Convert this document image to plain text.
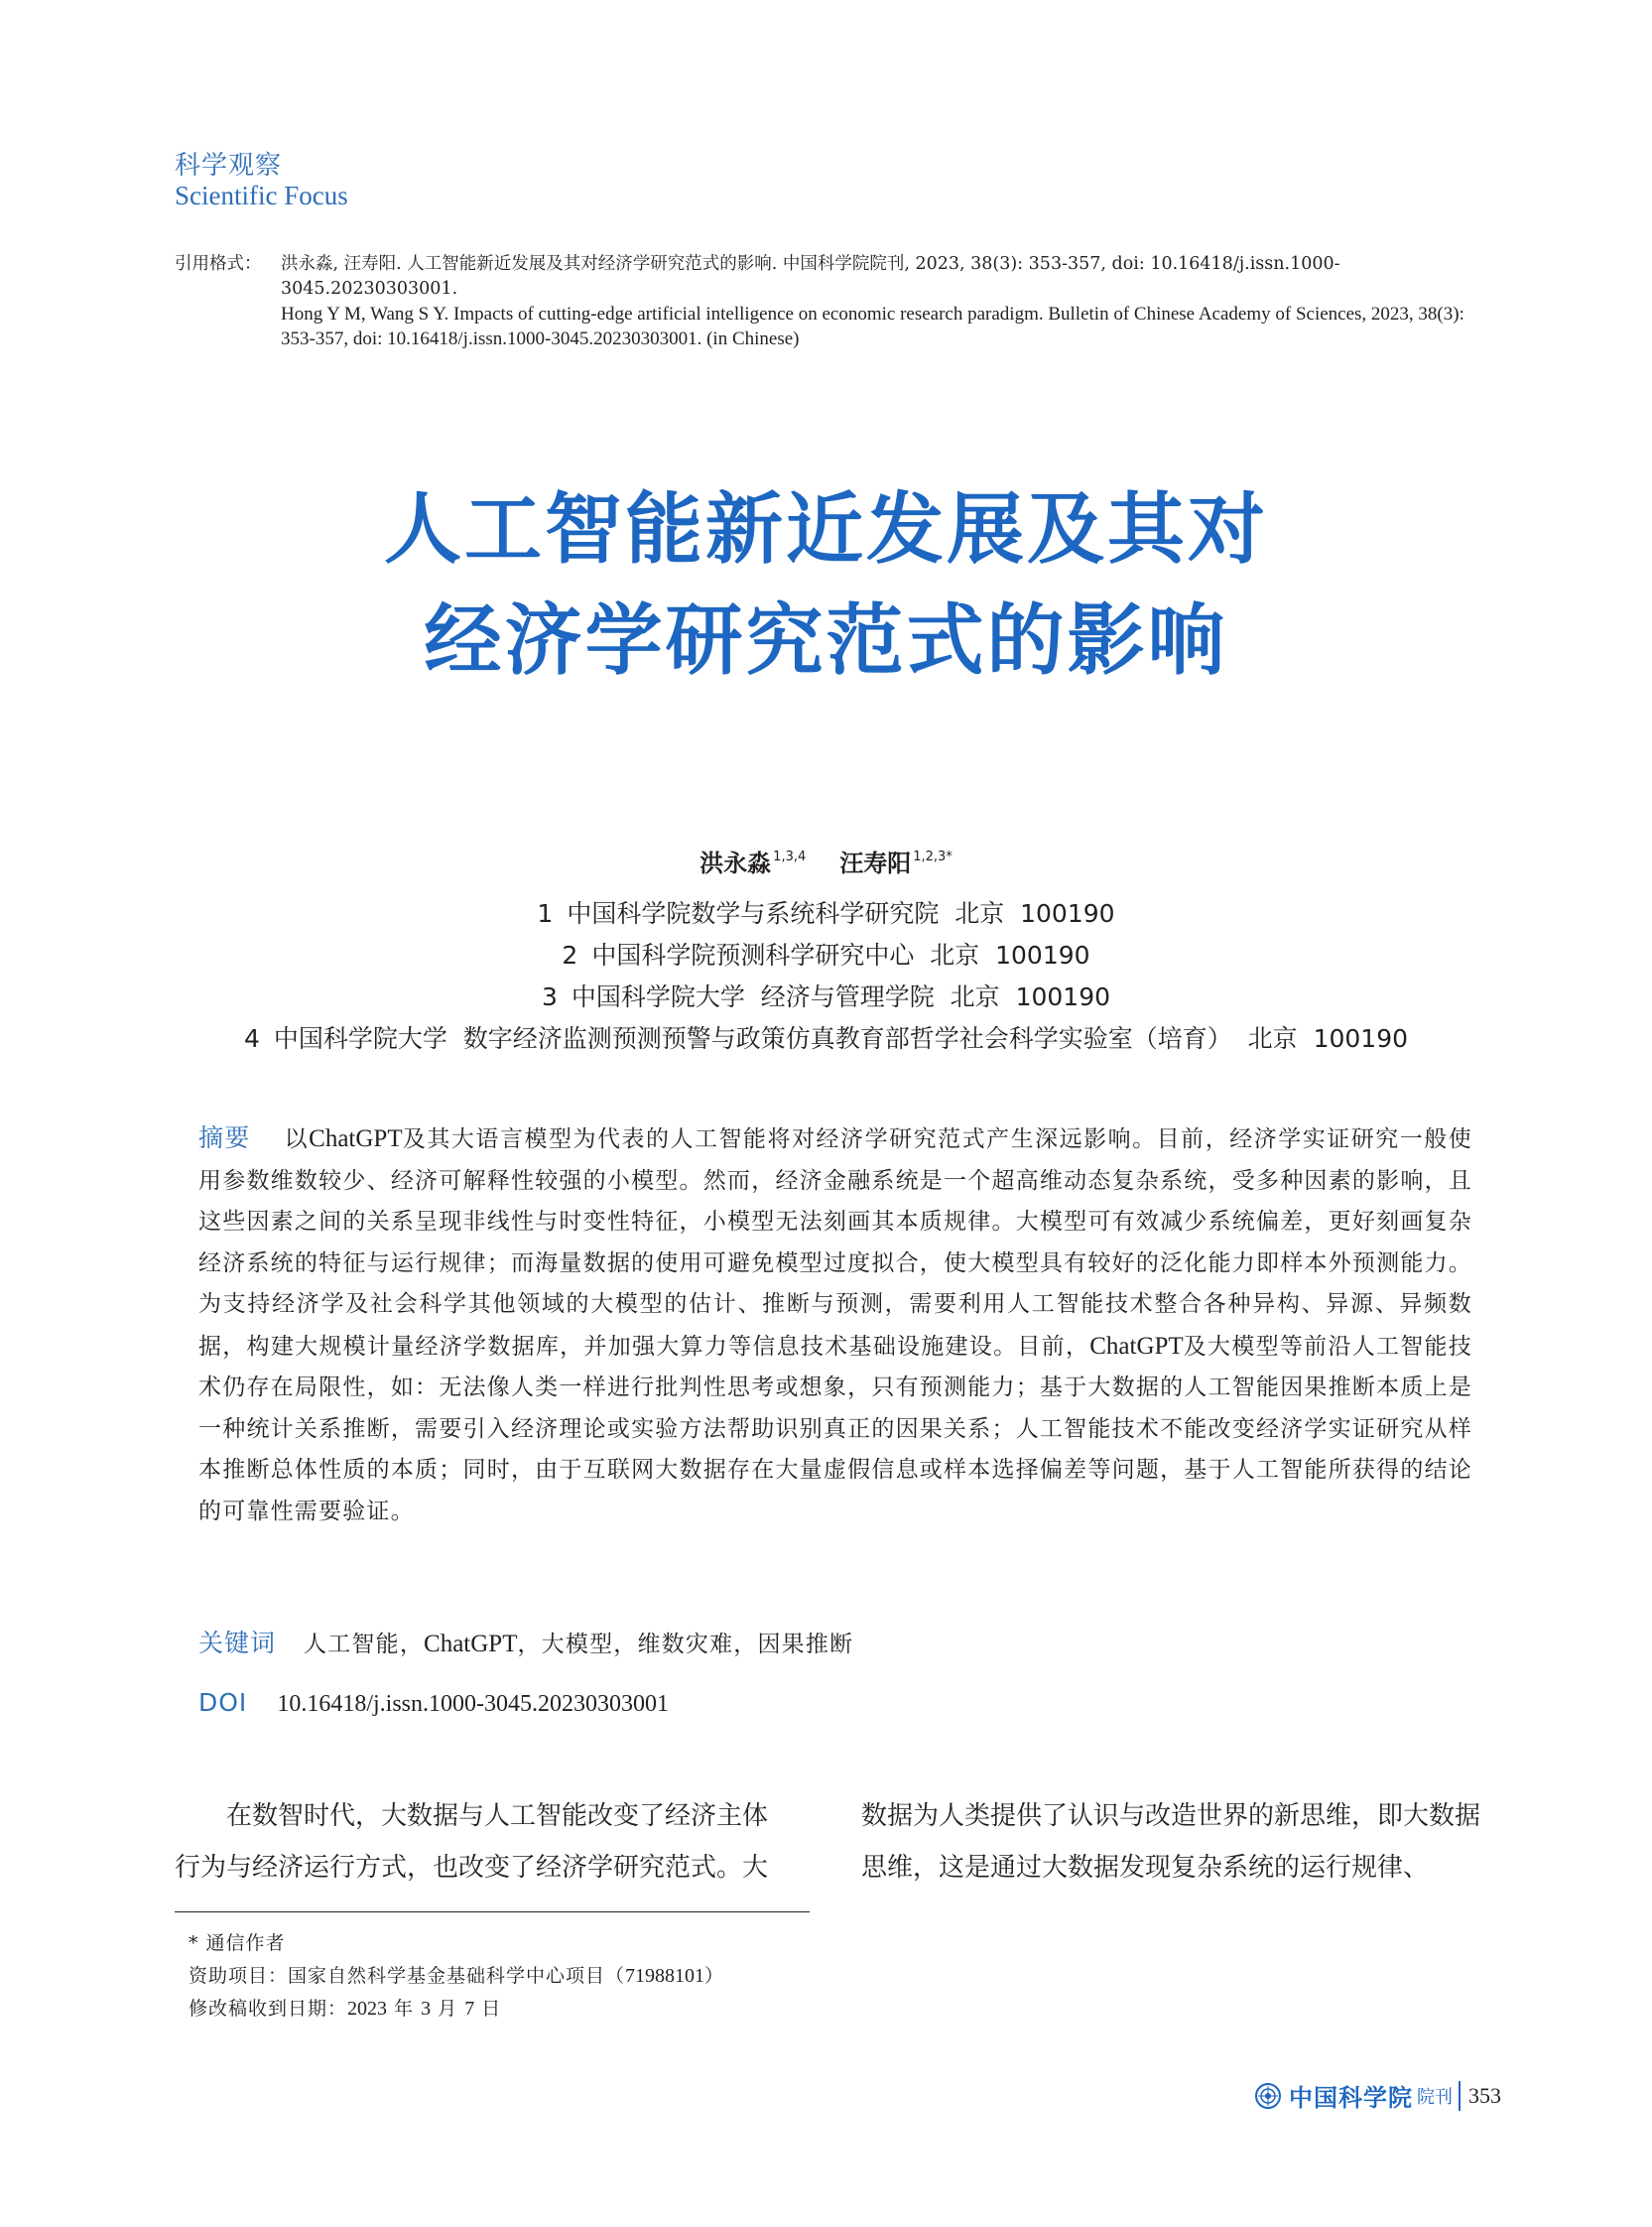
科学观察
Scientific Focus
引用格式：	洪永淼, 汪寿阳. 人工智能新近发展及其对经济学研究范式的影响. 中国科学院院刊, 2023, 38(3): 353-357, doi: 10.16418/j.issn.1000-3045.20230303001.
Hong Y M, Wang S Y. Impacts of cutting-edge artificial intelligence on economic research paradigm. Bulletin of Chinese Academy of Sciences, 2023, 38(3): 353-357, doi: 10.16418/j.issn.1000-3045.20230303001. (in Chinese)
人工智能新近发展及其对
经济学研究范式的影响
洪永淼 $^{1,3,4}$ 汪寿阳 $^{1,2,3*}$
1 中国科学院数学与系统科学研究院  北京  100190
2 中国科学院预测科学研究中心  北京  100190
3 中国科学院大学  经济与管理学院  北京  100190
4 中国科学院大学  数字经济监测预测预警与政策仿真教育部哲学社会科学实验室（培育）  北京  100190
摘要 以ChatGPT及其大语言模型为代表的人工智能将对经济学研究范式产生深远影响。目前，经济学实证研究一般使用参数维数较少、经济可解释性较强的小模型。然而，经济金融系统是一个超高维动态复杂系统，受多种因素的影响，且这些因素之间的关系呈现非线性与时变性特征，小模型无法刻画其本质规律。大模型可有效减少系统偏差，更好刻画复杂经济系统的特征与运行规律；而海量数据的使用可避免模型过度拟合，使大模型具有较好的泛化能力即样本外预测能力。为支持经济学及社会科学其他领域的大模型的估计、推断与预测，需要利用人工智能技术整合各种异构、异源、异频数据，构建大规模计量经济学数据库，并加强大算力等信息技术基础设施建设。目前，ChatGPT及大模型等前沿人工智能技术仍存在局限性，如：无法像人类一样进行批判性思考或想象，只有预测能力；基于大数据的人工智能因果推断本质上是一种统计关系推断，需要引入经济理论或实验方法帮助识别真正的因果关系；人工智能技术不能改变经济学实证研究从样本推断总体性质的本质；同时，由于互联网大数据存在大量虚假信息或样本选择偏差等问题，基于人工智能所获得的结论的可靠性需要验证。
关键词 人工智能，ChatGPT，大模型，维数灾难，因果推断
DOI 10.16418/j.issn.1000-3045.20230303001

在数智时代，大数据与人工智能改变了经济主体行为与经济运行方式，也改变了经济学研究范式。大

数据为人类提供了认识与改造世界的新思维，即大数据思维，这是通过大数据发现复杂系统的运行规律、

* 通信作者
资助项目：国家自然科学基金基础科学中心项目（71988101）
修改稿收到日期：2023 年 3 月 7 日
中国科学院 院刊 353
